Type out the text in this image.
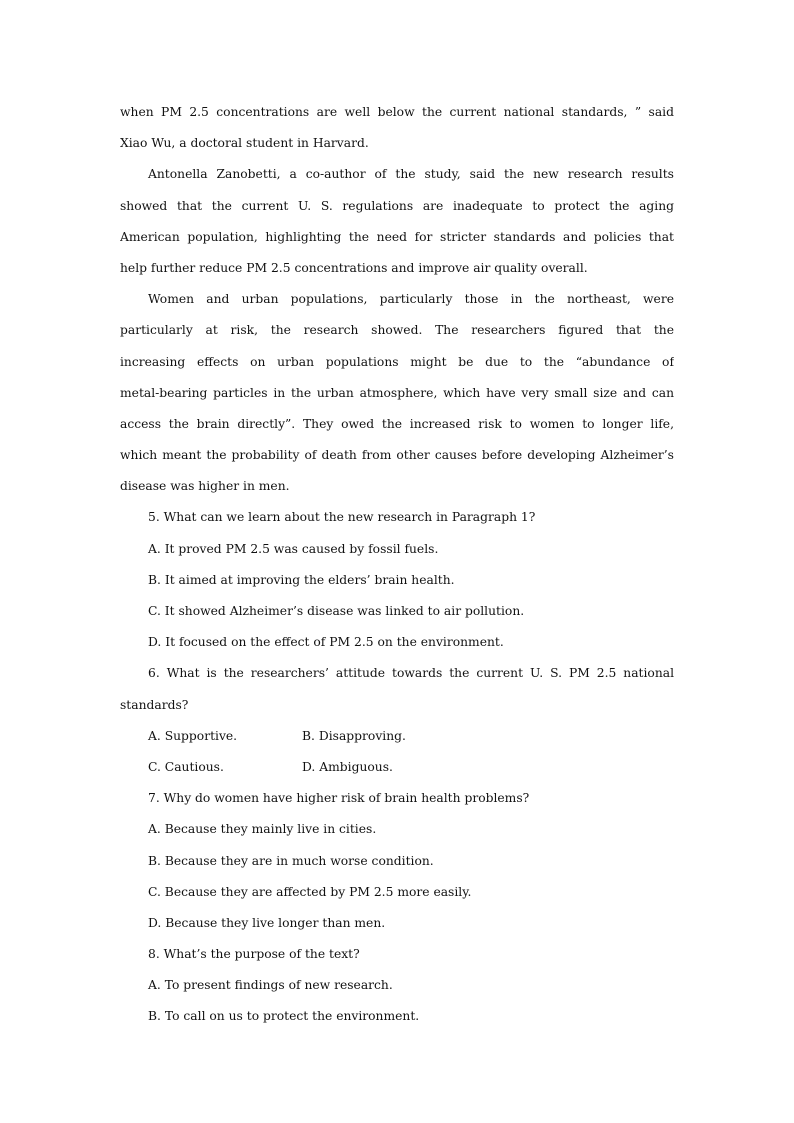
when PM 2.5 concentrations are well below the current national standards, ” said
Xiao Wu, a doctoral student in Harvard.
Antonella Zanobetti, a co-author of the study, said the new research results
showed that the current U. S. regulations are inadequate to protect the aging
American population, highlighting the need for stricter standards and policies that
help further reduce PM 2.5 concentrations and improve air quality overall.
Women and urban populations, particularly those in the northeast, were
particularly at risk, the research showed. The researchers figured that the
increasing effects on urban populations might be due to the “abundance of
metal-bearing particles in the urban atmosphere, which have very small size and can
access the brain directly”. They owed the increased risk to women to longer life,
which meant the probability of death from other causes before developing Alzheimer’s
disease was higher in men.
5. What can we learn about the new research in Paragraph 1?
A. It proved PM 2.5 was caused by fossil fuels.
B. It aimed at improving the elders’ brain health.
C. It showed Alzheimer’s disease was linked to air pollution.
D. It focused on the effect of PM 2.5 on the environment.
6. What is the researchers’ attitude towards the current U. S. PM 2.5 national
standards?
A. Supportive.	B. Disapproving.
C. Cautious.	D. Ambiguous.
7. Why do women have higher risk of brain health problems?
A. Because they mainly live in cities.
B. Because they are in much worse condition.
C. Because they are affected by PM 2.5 more easily.
D. Because they live longer than men.
8. What’s the purpose of the text?
A. To present findings of new research.
B. To call on us to protect the environment.
